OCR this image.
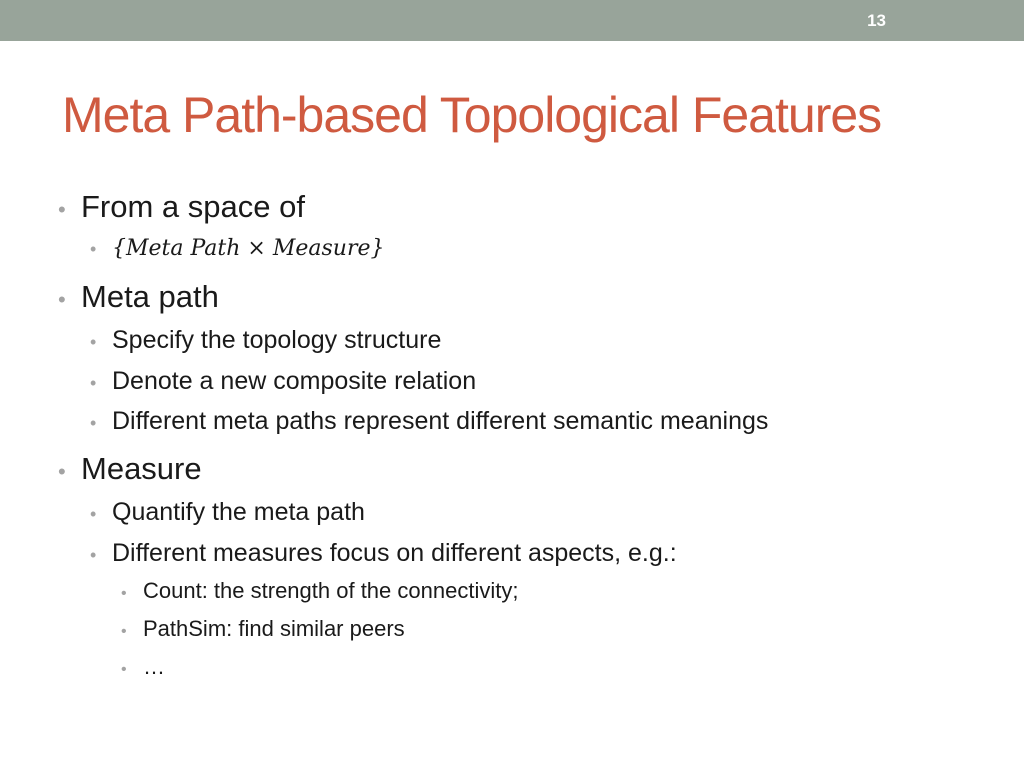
13
Meta Path-based Topological Features
• From a space of
• {Meta Path × Measure}
• Meta path
• Specify the topology structure
• Denote a new composite relation
• Different meta paths represent different semantic meanings
• Measure
• Quantify the meta path
• Different measures focus on different aspects, e.g.:
• Count: the strength of the connectivity;
• PathSim: find similar peers
• …
